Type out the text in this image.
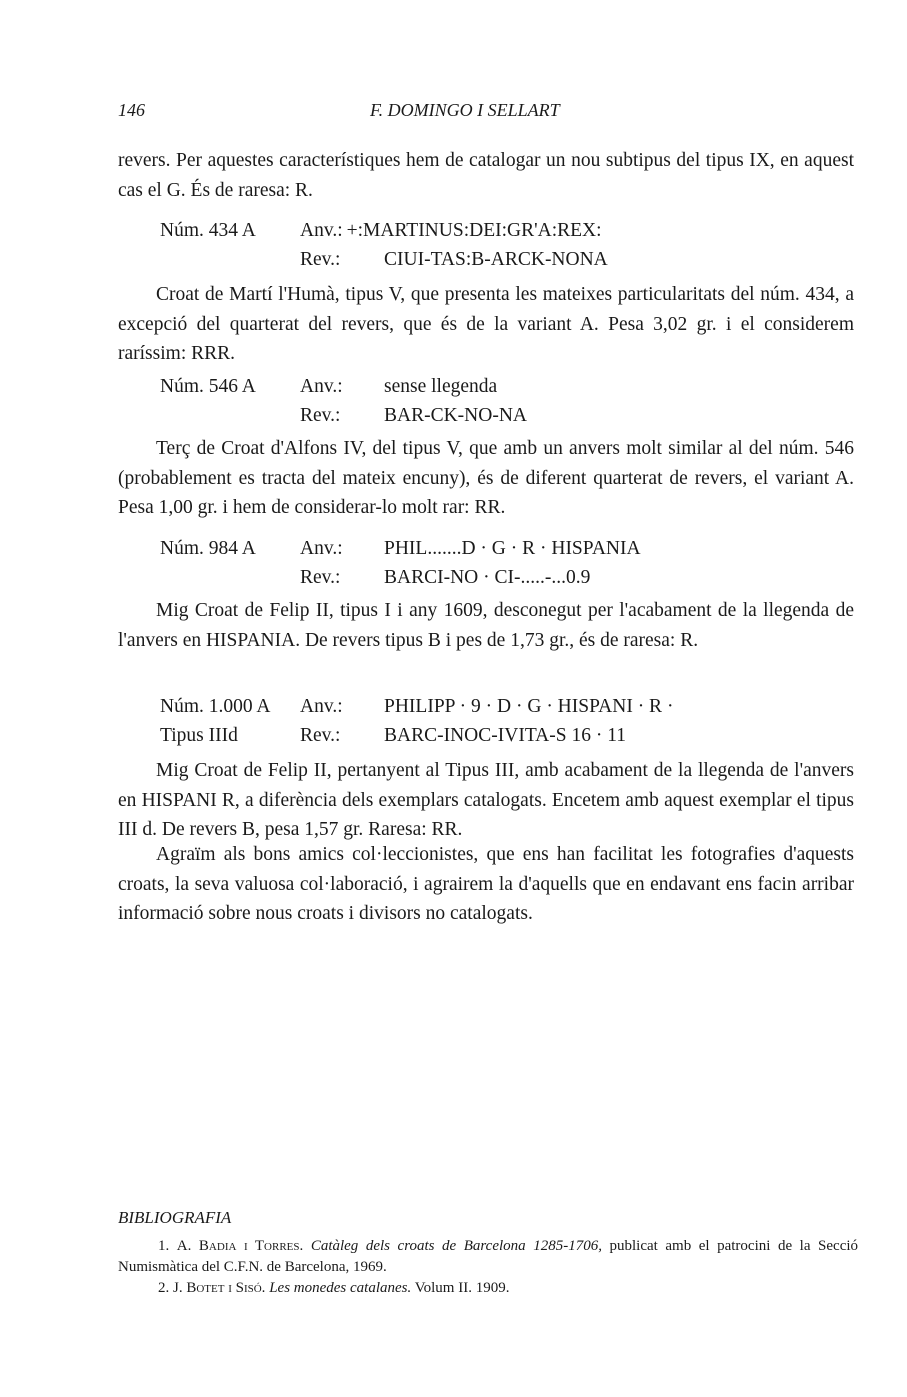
146	F. DOMINGO I SELLART

revers. Per aquestes característiques hem de catalogar un nou subtipus del tipus IX, en aquest cas el G. És de raresa: R.

Núm. 434 A	Anv.: +:MARTINUS:DEI:GR'A:REX:
Rev.:	CIUI-TAS:B-ARCK-NONA

Croat de Martí l'Humà, tipus V, que presenta les mateixes particularitats del núm. 434, a excepció del quarterat del revers, que és de la variant A. Pesa 3,02 gr. i el considerem raríssim: RRR.

Núm. 546 A	Anv.:	sense llegenda
Rev.:	BAR-CK-NO-NA

Terç de Croat d'Alfons IV, del tipus V, que amb un anvers molt similar al del núm. 546 (probablement es tracta del mateix encuny), és de diferent quarterat de revers, el variant A. Pesa 1,00 gr. i hem de considerar-lo molt rar: RR.

Núm. 984 A	Anv.:	PHIL.......D · G · R · HISPANIA
Rev.:	BARCI-NO · CI-.....-...0.9

Mig Croat de Felip II, tipus I i any 1609, desconegut per l'acabament de la llegenda de l'anvers en HISPANIA. De revers tipus B i pes de 1,73 gr., és de raresa: R.

Núm. 1.000 A	Anv.:	PHILIPP · 9 · D · G · HISPANI · R ·
Tipus IIId	Rev.:	BARC-INOC-IVITA-S 16 · 11

Mig Croat de Felip II, pertanyent al Tipus III, amb acabament de la llegenda de l'anvers en HISPANI R, a diferència dels exemplars catalogats. Encetem amb aquest exemplar el tipus III d. De revers B, pesa 1,57 gr. Raresa: RR.

Agraïm als bons amics col·leccionistes, que ens han facilitat les fotografies d'aquests croats, la seva valuosa col·laboració, i agrairem la d'aquells que en endavant ens facin arribar informació sobre nous croats i divisors no catalogats.

BIBLIOGRAFIA
1. A. Badia i Torres. Catàleg dels croats de Barcelona 1285-1706, publicat amb el patrocini de la Secció Numismàtica del C.F.N. de Barcelona, 1969.
2. J. Botet i Sisó. Les monedes catalanes. Volum II. 1909.
